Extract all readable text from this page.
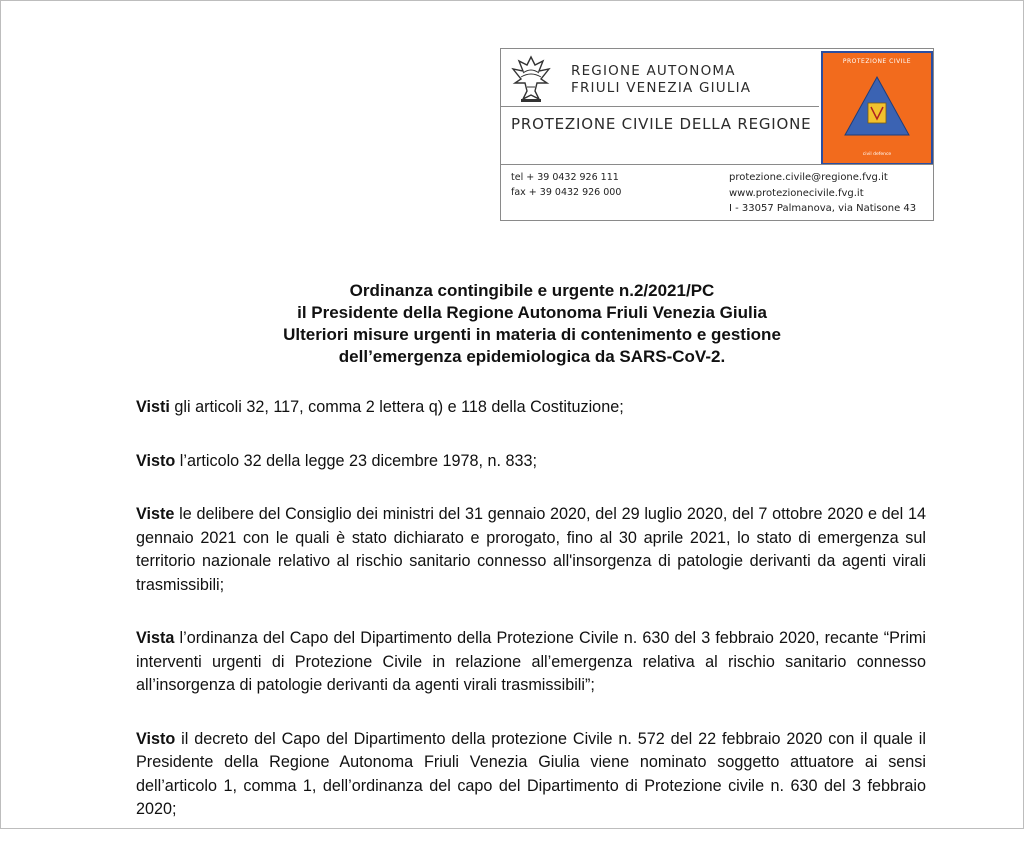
REGIONE AUTONOMA
FRIULI VENEZIA GIULIA
PROTEZIONE CIVILE DELLA REGIONE
PROTEZIONE CIVILE
civil defence
tel + 39 0432 926 111
fax + 39 0432 926 000
protezione.civile@regione.fvg.it
www.protezionecivile.fvg.it
I - 33057 Palmanova, via Natisone 43
Ordinanza contingibile e urgente n.2/2021/PC
il Presidente della Regione Autonoma Friuli Venezia Giulia
Ulteriori misure urgenti in materia di contenimento e gestione
dell’emergenza epidemiologica da SARS-CoV-2.

Visti gli articoli 32, 117, comma 2 lettera q) e 118 della Costituzione;

Visto l’articolo 32 della legge 23 dicembre 1978, n. 833;

Viste le delibere del Consiglio dei ministri del 31 gennaio 2020, del 29 luglio 2020, del 7 ottobre 2020 e del 14 gennaio 2021 con le quali è stato dichiarato e prorogato, fino al 30 aprile 2021, lo stato di emergenza sul territorio nazionale relativo al rischio sanitario connesso all'insorgenza di patologie derivanti da agenti virali trasmissibili;

Vista l’ordinanza del Capo del Dipartimento della Protezione Civile n. 630 del 3 febbraio 2020, recante “Primi interventi urgenti di Protezione Civile in relazione all’emergenza relativa al rischio sanitario connesso all’insorgenza di patologie derivanti da agenti virali trasmissibili”;

Visto il decreto del Capo del Dipartimento della protezione Civile n. 572 del 22 febbraio 2020 con il quale il Presidente della Regione Autonoma Friuli Venezia Giulia viene nominato soggetto attuatore ai sensi dell’articolo 1, comma 1, dell’ordinanza del capo del Dipartimento di Protezione civile n. 630 del 3 febbraio 2020;
